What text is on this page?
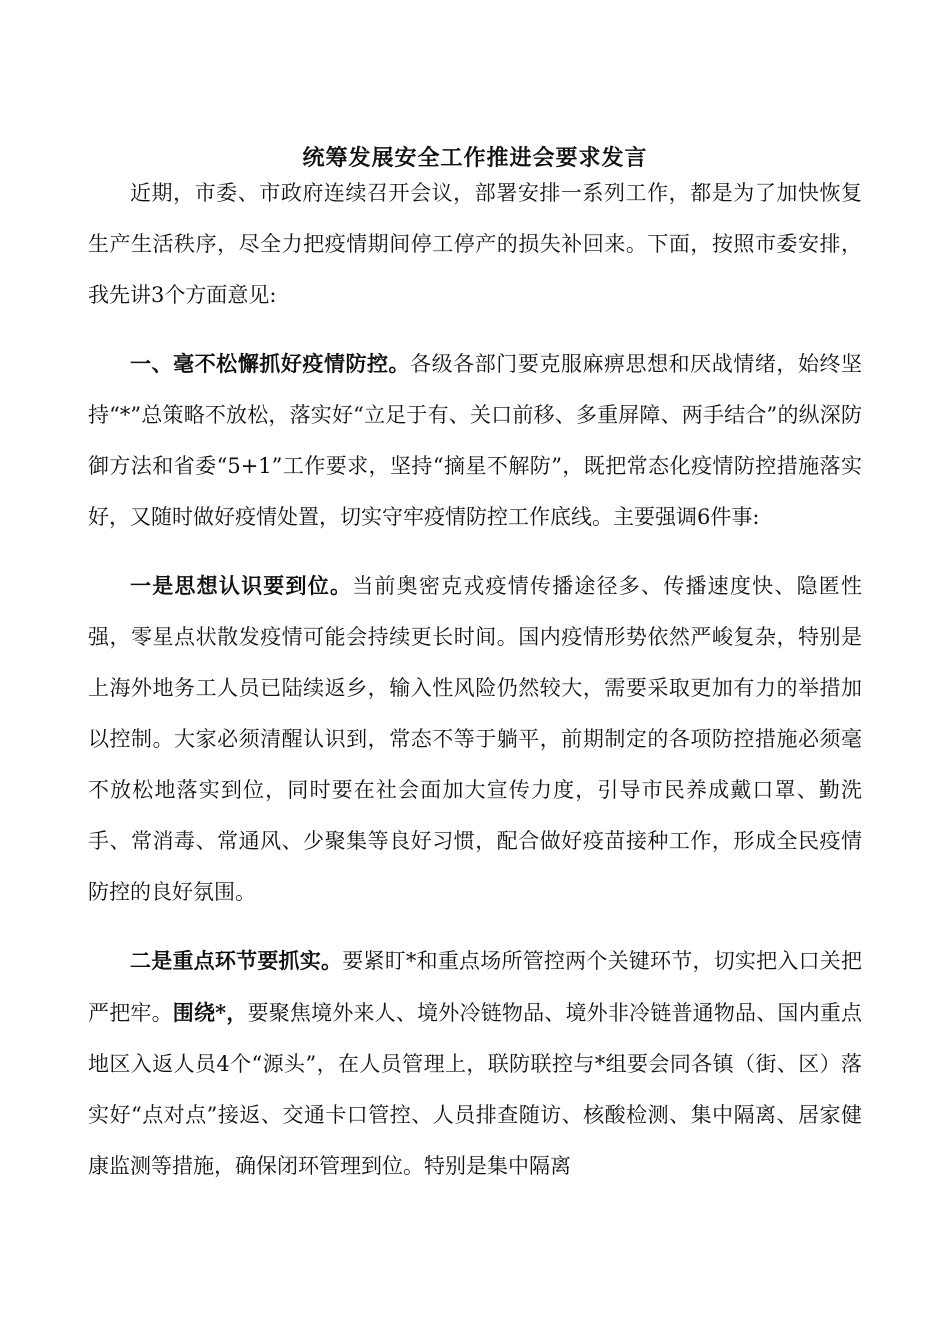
统筹发展安全工作推进会要求发言

近期，市委、市政府连续召开会议，部署安排一系列工作，都是为了加快恢复生产生活秩序，尽全力把疫情期间停工停产的损失补回来。下面，按照市委安排，我先讲3个方面意见:

一、毫不松懈抓好疫情防控。各级各部门要克服麻痹思想和厌战情绪，始终坚持“*”总策略不放松，落实好“立足于有、关口前移、多重屏障、两手结合”的纵深防御方法和省委“5+1”工作要求，坚持“摘星不解防”，既把常态化疫情防控措施落实好，又随时做好疫情处置，切实守牢疫情防控工作底线。主要强调6件事:

一是思想认识要到位。当前奥密克戎疫情传播途径多、传播速度快、隐匿性强，零星点状散发疫情可能会持续更长时间。国内疫情形势依然严峻复杂，特别是上海外地务工人员已陆续返乡，输入性风险仍然较大，需要采取更加有力的举措加以控制。大家必须清醒认识到，常态不等于躺平，前期制定的各项防控措施必须毫不放松地落实到位，同时要在社会面加大宣传力度，引导市民养成戴口罩、勤洗手、常消毒、常通风、少聚集等良好习惯，配合做好疫苗接种工作，形成全民疫情防控的良好氛围。

二是重点环节要抓实。要紧盯*和重点场所管控两个关键环节，切实把入口关把严把牢。围绕*，要聚焦境外来人、境外冷链物品、境外非冷链普通物品、国内重点地区入返人员4个“源头”，在人员管理上，联防联控与*组要会同各镇（街、区）落实好“点对点”接返、交通卡口管控、人员排查随访、核酸检测、集中隔离、居家健康监测等措施，确保闭环管理到位。特别是集中隔离
